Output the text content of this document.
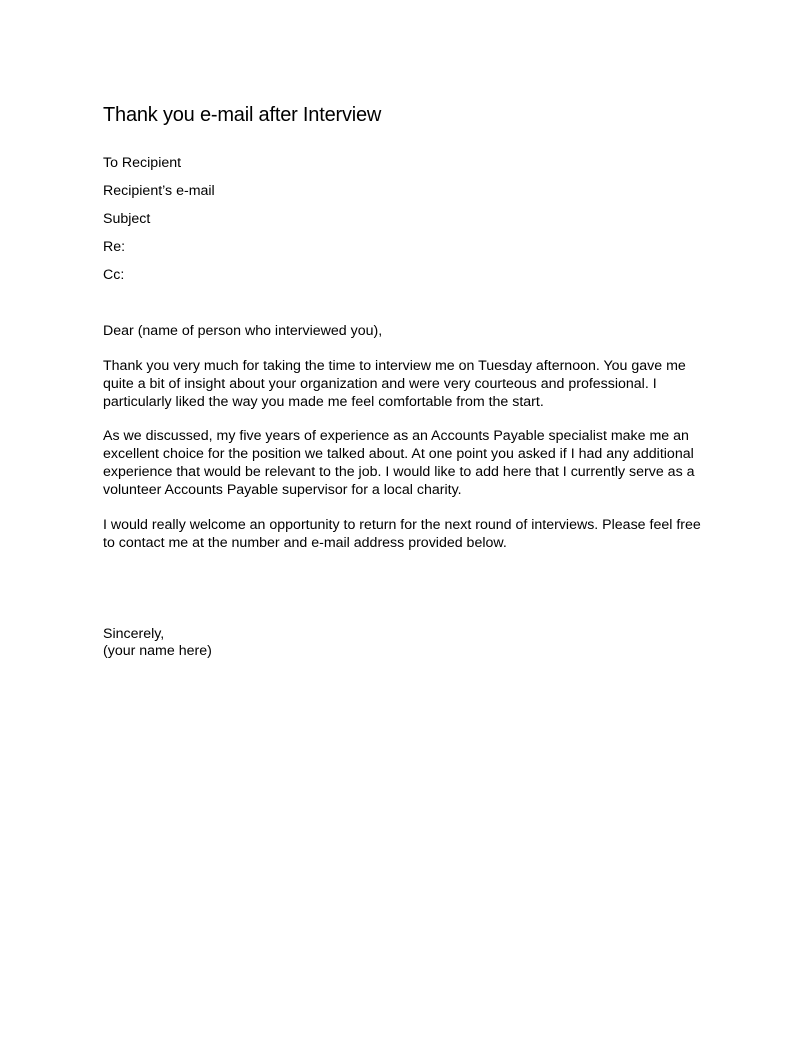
Thank you e-mail after Interview
To Recipient
Recipient’s e-mail
Subject
Re:
Cc:
Dear (name of person who interviewed you),
Thank you very much for taking the time to interview me on Tuesday afternoon. You gave me
quite a bit of insight about your organization and were very courteous and professional. I
particularly liked the way you made me feel comfortable from the start.
As we discussed, my five years of experience as an Accounts Payable specialist make me an
excellent choice for the position we talked about. At one point you asked if I had any additional
experience that would be relevant to the job. I would like to add here that I currently serve as a
volunteer Accounts Payable supervisor for a local charity.
I would really welcome an opportunity to return for the next round of interviews. Please feel free
to contact me at the number and e-mail address provided below.
Sincerely,
(your name here)
